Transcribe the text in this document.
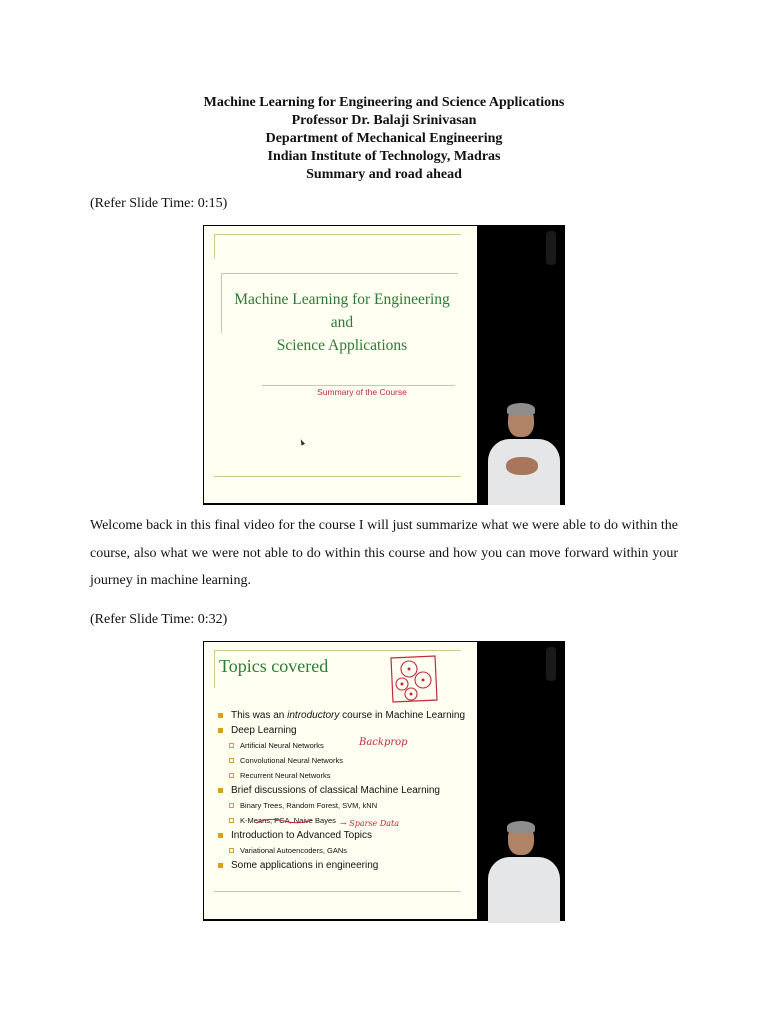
Machine Learning for Engineering and Science Applications
Professor Dr. Balaji Srinivasan
Department of Mechanical Engineering
Indian Institute of Technology, Madras
Summary and road ahead
(Refer Slide Time: 0:15)
Machine Learning for Engineering and
Science Applications
Summary of the Course
Welcome back in this final video for the course I will just summarize what we were able to do within the course, also what we were not able to do within this course and how you can move forward within your journey in machine learning.
(Refer Slide Time: 0:32)
Topics covered
This was an introductory course in Machine Learning
Deep Learning
Artificial Neural Networks
Convolutional Neural Networks
Recurrent Neural Networks
Brief discussions of classical Machine Learning
Binary Trees, Random Forest, SVM, kNN
K-Means, PCA, Naive Bayes
Introduction to Advanced Topics
Variational Autoencoders, GANs
Some applications in engineering
Backprop
→ Sparse Data
